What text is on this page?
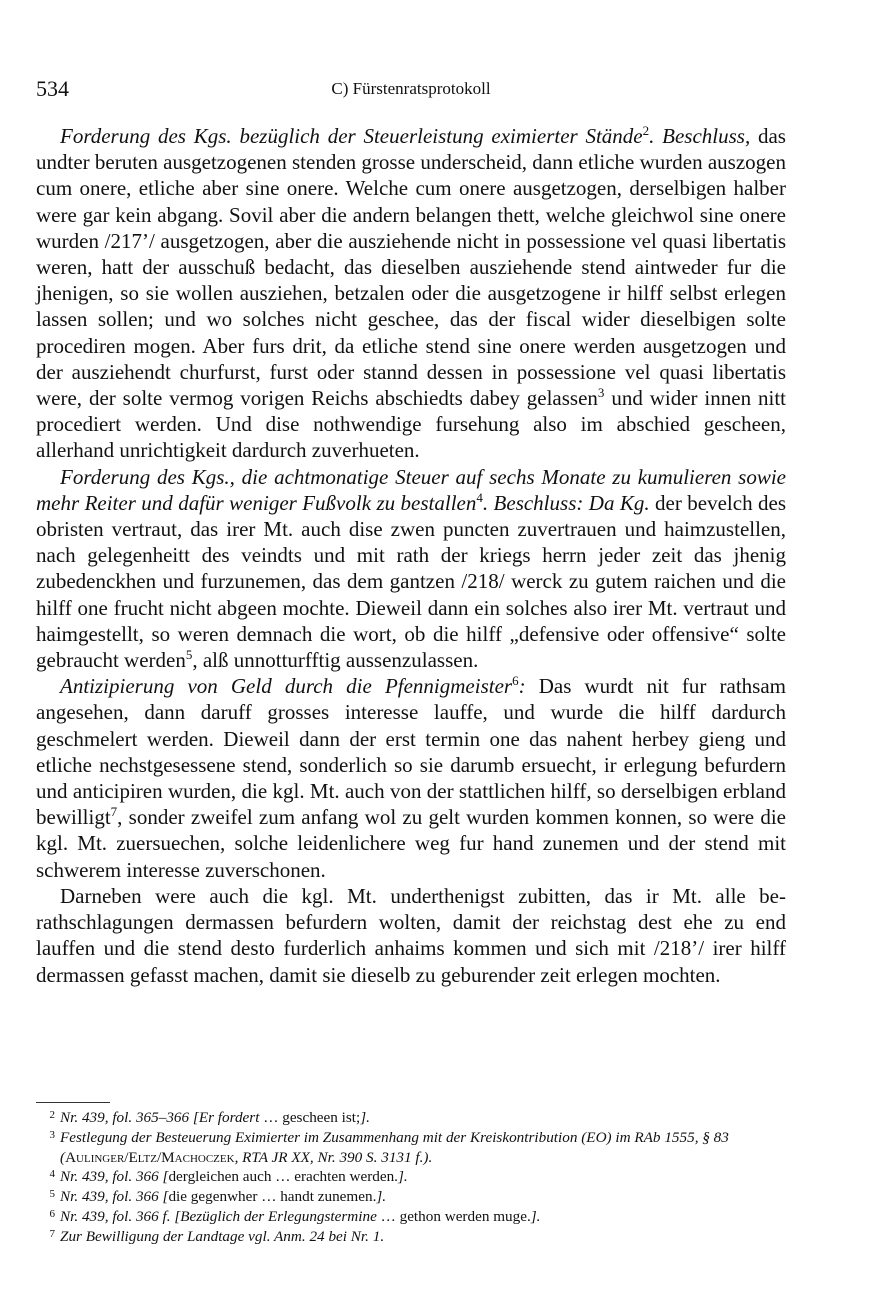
534	C) Fürstenratsprotokoll

Forderung des Kgs. bezüglich der Steuerleistung eximierter Stände$^2$. Beschluss, das undter beruten ausgetzogenen stenden grosse underscheid, dann etliche wurden auszogen cum onere, etliche aber sine onere. Welche cum onere ausgetzogen, derselbigen halber were gar kein abgang. Sovil aber die andern belangen thett, welche gleichwol sine onere wurden /217’/ ausgetzogen, aber die ausziehende nicht in possessione vel quasi libertatis weren, hatt der ausschuß bedacht, das dieselben ausziehende stend aintweder fur die jhenigen, so sie wollen ausziehen, betzalen oder die ausgetzogene ir hilff selbst erlegen lassen sollen; und wo solches nicht geschee, das der fiscal wider dieselbigen solte procediren mogen. Aber furs drit, da etliche stend sine onere werden ausgetzogen und der ausziehendt churfurst, furst oder stannd dessen in possessione vel quasi libertatis were, der solte vermog vorigen Reichs abschiedts dabey gelassen$^3$ und wider innen nitt procediert werden. Und dise nothwendige fursehung also im abschied gescheen, allerhand unrichtigkeit dardurch zuverhueten.

Forderung des Kgs., die achtmonatige Steuer auf sechs Monate zu kumulieren sowie mehr Reiter und dafür weniger Fußvolk zu bestallen$^4$. Beschluss: Da Kg. der bevelch des obristen vertraut, das irer Mt. auch dise zwen puncten zuvertrauen und haimzustellen, nach gelegenheitt des veindts und mit rath der kriegs herrn jeder zeit das jhenig zubedenckhen und furzunemen, das dem gantzen /218/ werck zu gutem raichen und die hilff one frucht nicht abgeen mochte. Dieweil dann ein solches also irer Mt. vertraut und haimgestellt, so weren demnach die wort, ob die hilff „defensive oder offensive“ solte gebraucht werden$^5$, alß unnotturfftig aussenzulassen.

Antizipierung von Geld durch die Pfennigmeister$^6$: Das wurdt nit fur rathsam angesehen, dann daruff grosses interesse lauffe, und wurde die hilff dardurch geschmelert werden. Dieweil dann der erst termin one das nahent herbey gieng und etliche nechstgesessene stend, sonderlich so sie darumb ersuecht, ir erlegung befurdern und anticipiren wurden, die kgl. Mt. auch von der stattlichen hilff, so derselbigen erbland bewilligt$^7$, sonder zweifel zum anfang wol zu gelt wurden kommen konnen, so were die kgl. Mt. zuersuechen, solche leidenlichere weg fur hand zunemen und der stend mit schwerem interesse zuverschonen.

Darneben were auch die kgl. Mt. underthenigst zubitten, das ir Mt. alle be-rathschlagungen dermassen befurdern wolten, damit der reichstag dest ehe zu end lauffen und die stend desto furderlich anhaims kommen und sich mit /218’/ irer hilff dermassen gefasst machen, damit sie dieselb zu geburender zeit erlegen mochten.

2 Nr. 439, fol. 365–366 [Er fordert … gescheen ist;].

3 Festlegung der Besteuerung Eximierter im Zusammenhang mit der Kreiskontribution (EO) im RAb 1555, § 83 (Aulinger/Eltz/Machoczek, RTA JR XX, Nr. 390 S. 3131 f.).

4 Nr. 439, fol. 366 [dergleichen auch … erachten werden.].

5 Nr. 439, fol. 366 [die gegenwher … handt zunemen.].

6 Nr. 439, fol. 366 f. [Bezüglich der Erlegungstermine … gethon werden muge.].

7 Zur Bewilligung der Landtage vgl. Anm. 24 bei Nr. 1.
